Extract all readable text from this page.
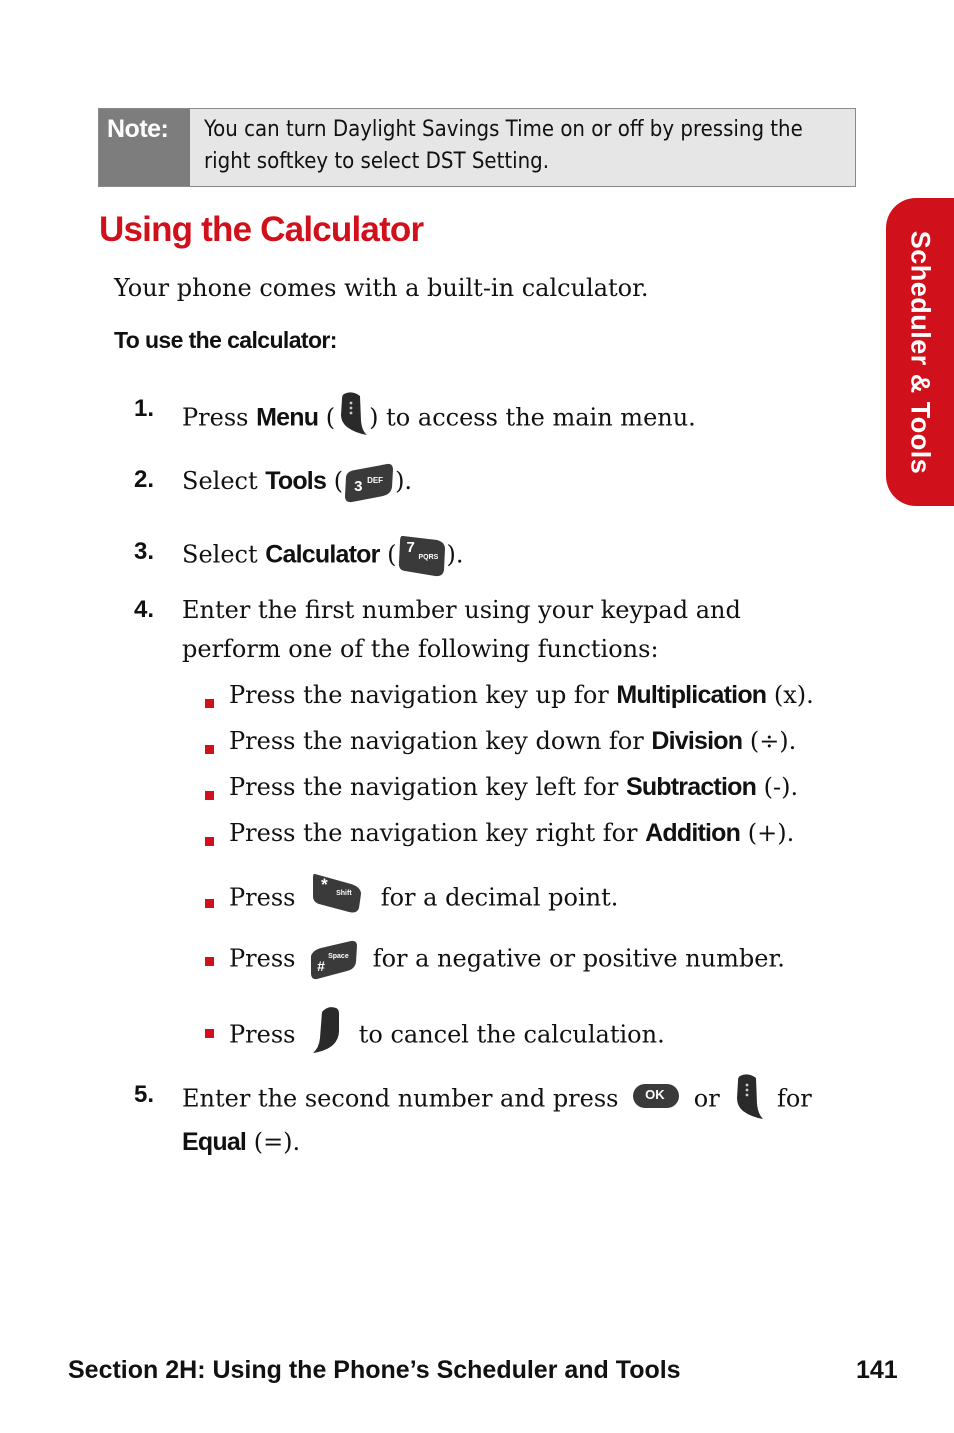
Note:	You can turn Daylight Savings Time on or off by pressing the
right softkey to select DST Setting.
Using the Calculator
Your phone comes with a built-in calculator.
To use the calculator:
1. Press Menu ( ) to access the main menu.
2. Select Tools ( 3 DEF ).
3. Select Calculator ( 7
PQRS ).
4. Enter the first number using your keypad and
perform one of the following functions:
Press the navigation key up for Multiplication (x).
Press the navigation key down for Division (÷).
Press the navigation key left for Subtraction (-).
Press the navigation key right for Addition (+).
Press * Shift for a decimal point.
Press #
Space for a negative or positive number.
Press
to cancel the calculation.
5. Enter the second number and press OK or
for
Equal (=).
Scheduler & Tools
Section 2H: Using the Phone’s Scheduler and Tools	141
